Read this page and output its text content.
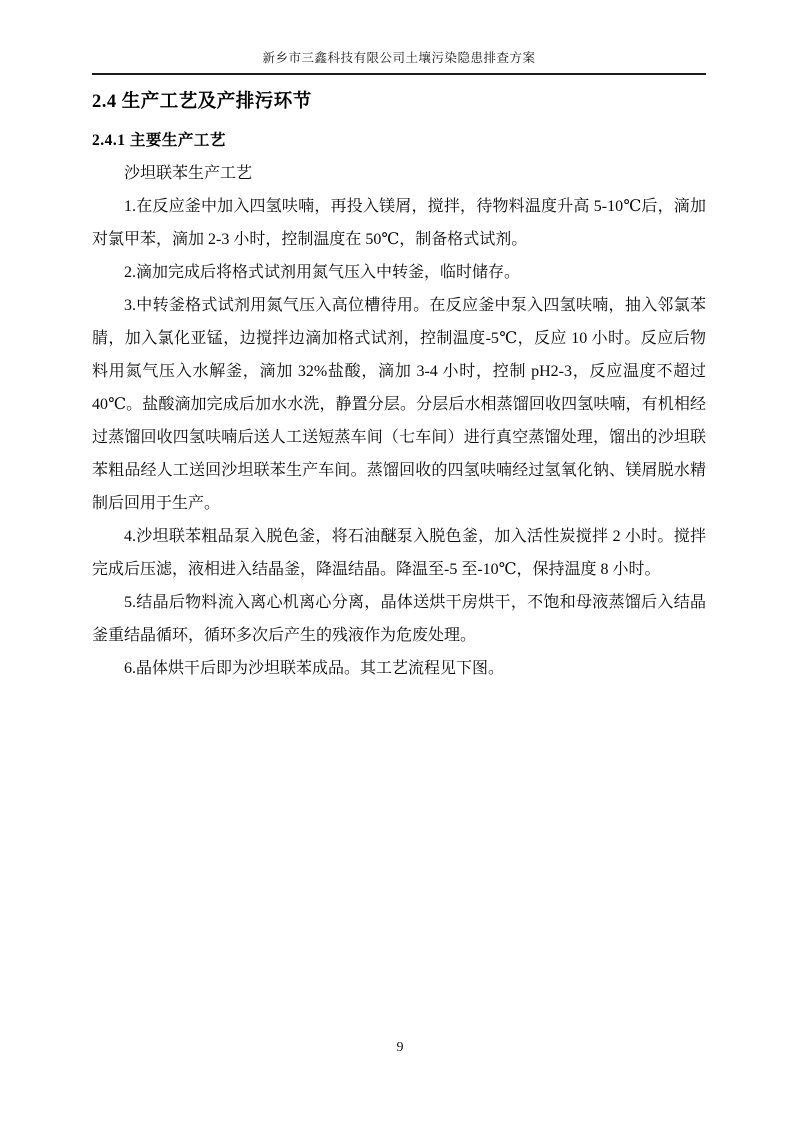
新乡市三鑫科技有限公司土壤污染隐患排查方案
2.4 生产工艺及产排污环节
2.4.1 主要生产工艺

沙坦联苯生产工艺

1.在反应釜中加入四氢呋喃，再投入镁屑，搅拌，待物料温度升高 5-10℃后，滴加对氯甲苯，滴加 2-3 小时，控制温度在 50℃，制备格式试剂。

2.滴加完成后将格式试剂用氮气压入中转釜，临时储存。

3.中转釜格式试剂用氮气压入高位槽待用。在反应釜中泵入四氢呋喃，抽入邻氯苯腈，加入氯化亚锰，边搅拌边滴加格式试剂，控制温度-5℃，反应 10 小时。反应后物料用氮气压入水解釜，滴加 32%盐酸，滴加 3-4 小时，控制 pH2-3，反应温度不超过 40℃。盐酸滴加完成后加水水洗，静置分层。分层后水相蒸馏回收四氢呋喃，有机相经过蒸馏回收四氢呋喃后送人工送短蒸车间（七车间）进行真空蒸馏处理，馏出的沙坦联苯粗品经人工送回沙坦联苯生产车间。蒸馏回收的四氢呋喃经过氢氧化钠、镁屑脱水精制后回用于生产。

4.沙坦联苯粗品泵入脱色釜，将石油醚泵入脱色釜，加入活性炭搅拌 2 小时。搅拌完成后压滤，液相进入结晶釜，降温结晶。降温至-5 至-10℃，保持温度 8 小时。

5.结晶后物料流入离心机离心分离，晶体送烘干房烘干，不饱和母液蒸馏后入结晶釜重结晶循环，循环多次后产生的残液作为危废处理。

6.晶体烘干后即为沙坦联苯成品。其工艺流程见下图。

9
